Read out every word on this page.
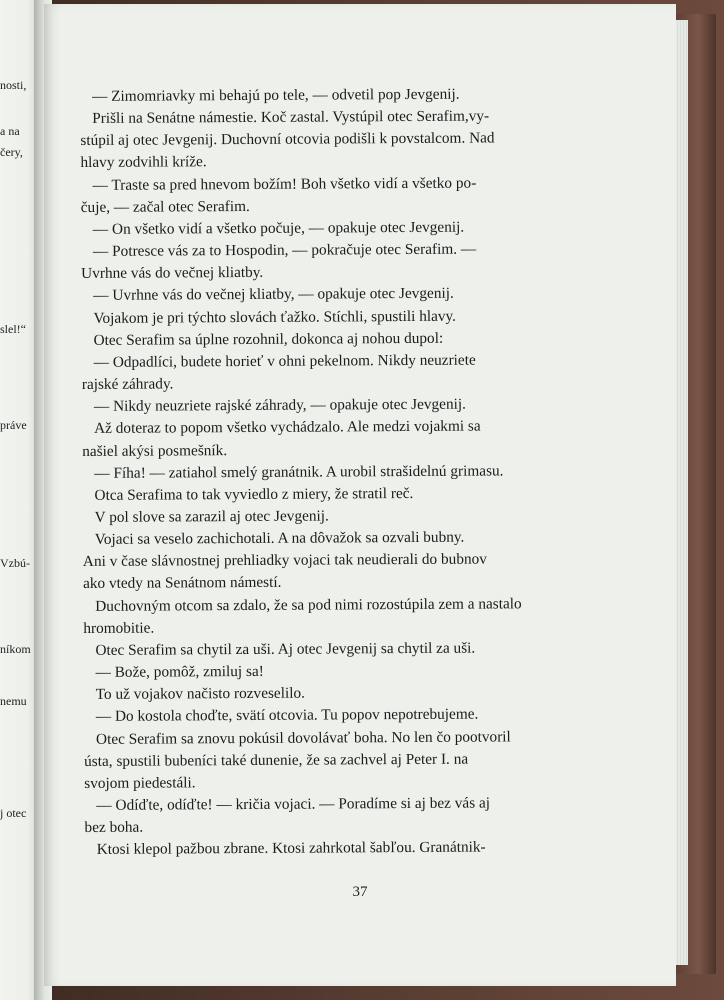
nosti,
a na
čery,
slel!“
práve
Vzbú-
níkom
nemu
j otec

— Zimomriavky mi behajú po tele, — odvetil pop Jevgenij.

Prišli na Senátne námestie. Koč zastal. Vystúpil otec Serafim,vy-

stúpil aj otec Jevgenij. Duchovní otcovia podišli k povstalcom. Nad

hlavy zodvihli kríže.

— Traste sa pred hnevom božím! Boh všetko vidí a všetko po-

čuje, — začal otec Serafim.

— On všetko vidí a všetko počuje, — opakuje otec Jevgenij.

— Potresce vás za to Hospodin, — pokračuje otec Serafim. —

Uvrhne vás do večnej kliatby.

— Uvrhne vás do večnej kliatby, — opakuje otec Jevgenij.

Vojakom je pri týchto slovách ťažko. Stíchli, spustili hlavy.

Otec Serafim sa úplne rozohnil, dokonca aj nohou dupol:

— Odpadlíci, budete horieť v ohni pekelnom. Nikdy neuzriete

rajské záhrady.

— Nikdy neuzriete rajské záhrady, — opakuje otec Jevgenij.

Až doteraz to popom všetko vychádzalo. Ale medzi vojakmi sa

našiel akýsi posmešník.

— Fíha! — zatiahol smelý granátnik. A urobil strašidelnú grimasu.

Otca Serafima to tak vyviedlo z miery, že stratil reč.

V pol slove sa zarazil aj otec Jevgenij.

Vojaci sa veselo zachichotali. A na dôvažok sa ozvali bubny.

Ani v čase slávnostnej prehliadky vojaci tak neudierali do bubnov

ako vtedy na Senátnom námestí.

Duchovným otcom sa zdalo, že sa pod nimi rozostúpila zem a nastalo

hromobitie.

Otec Serafim sa chytil za uši. Aj otec Jevgenij sa chytil za uši.

— Bože, pomôž, zmiluj sa!

To už vojakov načisto rozveselilo.

— Do kostola choďte, svätí otcovia. Tu popov nepotrebujeme.

Otec Serafim sa znovu pokúsil dovolávať boha. No len čo pootvoril

ústa, spustili bubeníci také dunenie, že sa zachvel aj Peter I. na

svojom piedestáli.

— Odíďte, odíďte! — kričia vojaci. — Poradíme si aj bez vás aj

bez boha.

Ktosi klepol pažbou zbrane. Ktosi zahrkotal šabľou. Granátnik-

37
